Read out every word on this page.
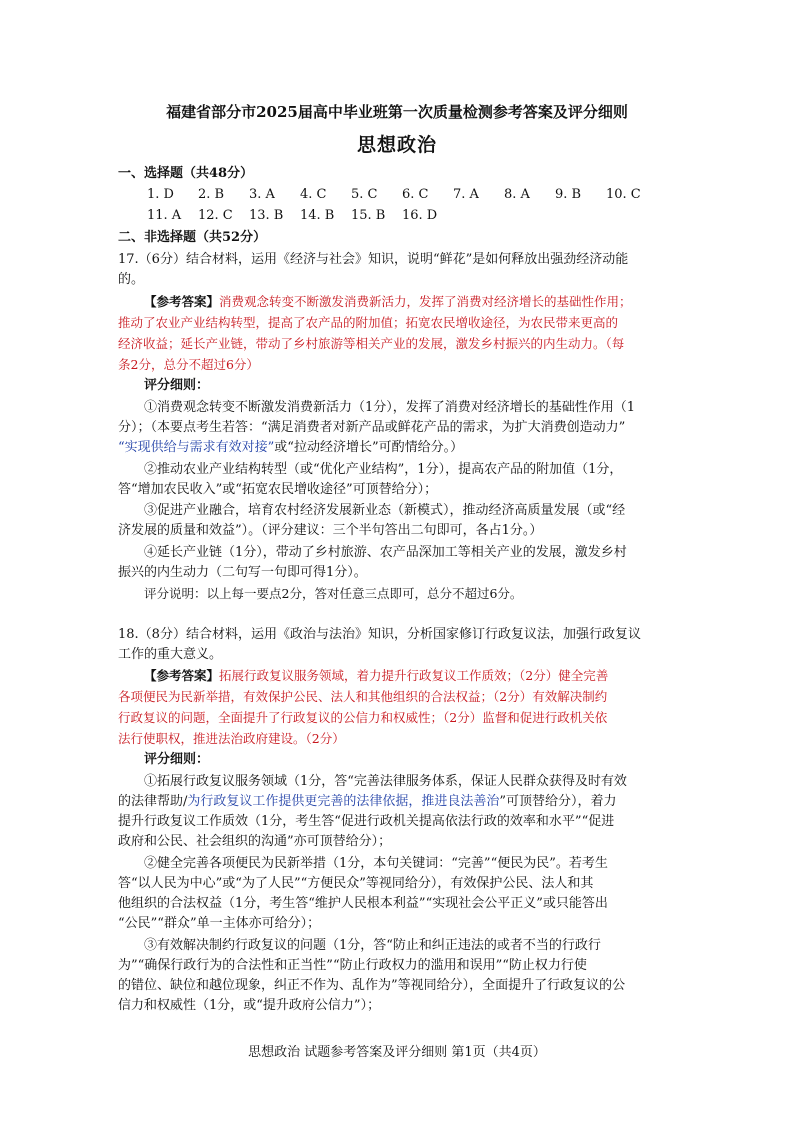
福建省部分市2025届高中毕业班第一次质量检测参考答案及评分细则
思想政治
一、选择题（共48分）
1. D 2. B 3. A 4. C 5. C 6. C 7. A 8. A 9. B 10. C
11. A 12. C 13. B 14. B 15. B 16. D
二、非选择题（共52分）
17.（6分）结合材料，运用《经济与社会》知识，说明“鲜花”是如何释放出强劲经济动能
的。
【参考答案】消费观念转变不断激发消费新活力，发挥了消费对经济增长的基础性作用；
推动了农业产业结构转型，提高了农产品的附加值；拓宽农民增收途径，为农民带来更高的
经济收益；延长产业链，带动了乡村旅游等相关产业的发展，激发乡村振兴的内生动力。（每
条2分，总分不超过6分）
评分细则：
①消费观念转变不断激发消费新活力（1分），发挥了消费对经济增长的基础性作用（1
分）；（本要点考生若答：“满足消费者对新产品或鲜花产品的需求，为扩大消费创造动力”
“实现供给与需求有效对接”或“拉动经济增长”可酌情给分。）
②推动农业产业结构转型（或“优化产业结构”，1分），提高农产品的附加值（1分，
答“增加农民收入”或“拓宽农民增收途径”可顶替给分）；
③促进产业融合，培育农村经济发展新业态（新模式），推动经济高质量发展（或“经
济发展的质量和效益”）。（评分建议：三个半句答出二句即可，各占1分。）
④延长产业链（1分），带动了乡村旅游、农产品深加工等相关产业的发展，激发乡村
振兴的内生动力（二句写一句即可得1分）。
评分说明：以上每一要点2分，答对任意三点即可，总分不超过6分。
18.（8分）结合材料，运用《政治与法治》知识，分析国家修订行政复议法，加强行政复议
工作的重大意义。
【参考答案】拓展行政复议服务领域，着力提升行政复议工作质效；（2分）健全完善
各项便民为民新举措，有效保护公民、法人和其他组织的合法权益；（2分）有效解决制约
行政复议的问题，全面提升了行政复议的公信力和权威性；（2分）监督和促进行政机关依
法行使职权，推进法治政府建设。（2分）
评分细则：
①拓展行政复议服务领域（1分，答“完善法律服务体系，保证人民群众获得及时有效
的法律帮助/为行政复议工作提供更完善的法律依据，推进良法善治”可顶替给分），着力
提升行政复议工作质效（1分，考生答“促进行政机关提高依法行政的效率和水平”“促进
政府和公民、社会组织的沟通”亦可顶替给分）；
②健全完善各项便民为民新举措（1分，本句关键词：“完善”“便民为民”。若考生
答“以人民为中心”或“为了人民”“方便民众”等视同给分），有效保护公民、法人和其
他组织的合法权益（1分，考生答“维护人民根本利益”“实现社会公平正义”或只能答出
“公民”“群众”单一主体亦可给分）；
③有效解决制约行政复议的问题（1分，答“防止和纠正违法的或者不当的行政行
为”“确保行政行为的合法性和正当性”“防止行政权力的滥用和误用”“防止权力行使
的错位、缺位和越位现象，纠正不作为、乱作为”等视同给分），全面提升了行政复议的公
信力和权威性（1分，或“提升政府公信力”）；
思想政治 试题参考答案及评分细则 第1页（共4页）
